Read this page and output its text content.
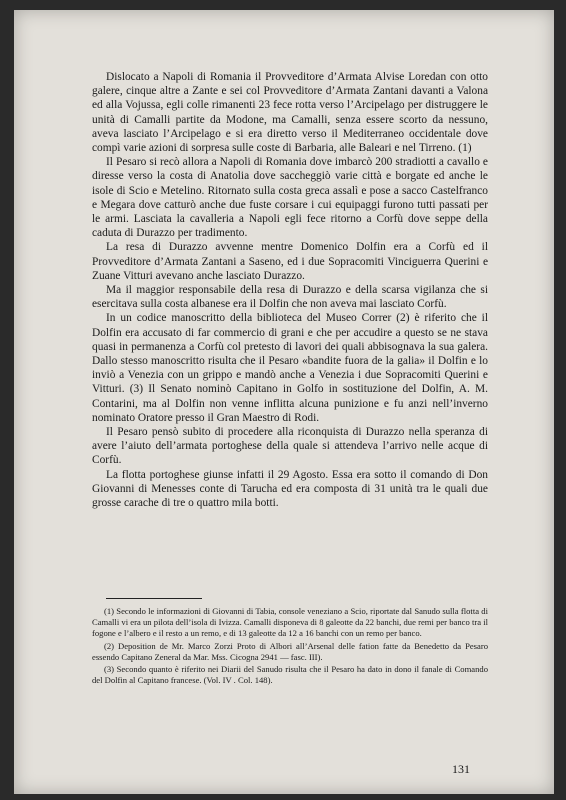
Dislocato a Napoli di Romania il Provveditore d’Armata Alvise Loredan con otto galere, cinque altre a Zante e sei col Provveditore d’Armata Zantani davanti a Valona ed alla Vojussa, egli colle rimanenti 23 fece rotta verso l’Arcipelago per distruggere le unità di Camalli partite da Modone, ma Camalli, senza essere scorto da nessuno, aveva lasciato l’Arcipelago e si era diretto verso il Mediterraneo occidentale dove compì varie azioni di sorpresa sulle coste di Barbaria, alle Baleari e nel Tirreno. (1)

Il Pesaro si recò allora a Napoli di Romania dove imbarcò 200 stradiotti a cavallo e diresse verso la costa di Anatolia dove saccheggiò varie città e borgate ed anche le isole di Scio e Metelino. Ritornato sulla costa greca assalì e pose a sacco Castelfranco e Megara dove catturò anche due fuste corsare i cui equipaggi furono tutti passati per le armi. Lasciata la cavalleria a Napoli egli fece ritorno a Corfù dove seppe della caduta di Durazzo per tradimento.

La resa di Durazzo avvenne mentre Domenico Dolfin era a Corfù ed il Provveditore d’Armata Zantani a Saseno, ed i due Sopracomiti Vinciguerra Querini e Zuane Vitturi avevano anche lasciato Durazzo.

Ma il maggior responsabile della resa di Durazzo e della scarsa vigilanza che si esercitava sulla costa albanese era il Dolfin che non aveva mai lasciato Corfù.

In un codice manoscritto della biblioteca del Museo Correr (2) è riferito che il Dolfin era accusato di far commercio di grani e che per accudire a questo se ne stava quasi in permanenza a Corfù col pretesto di lavori dei quali abbisognava la sua galera. Dallo stesso manoscritto risulta che il Pesaro «bandite fuora de la galia» il Dolfin e lo inviò a Venezia con un grippo e mandò anche a Venezia i due Sopracomiti Querini e Vitturi. (3) Il Senato nominò Capitano in Golfo in sostituzione del Dolfin, A. M. Contarini, ma al Dolfin non venne inflitta alcuna punizione e fu anzi nell’inverno nominato Oratore presso il Gran Maestro di Rodi.

Il Pesaro pensò subito di procedere alla riconquista di Durazzo nella speranza di avere l’aiuto dell’armata portoghese della quale si attendeva l’arrivo nelle acque di Corfù.

La flotta portoghese giunse infatti il 29 Agosto. Essa era sotto il comando di Don Giovanni di Menesses conte di Tarucha ed era composta di 31 unità tra le quali due grosse carache di tre o quattro mila botti.

(1) Secondo le informazioni di Giovanni di Tabia, console veneziano a Scio, riportate dal Sanudo sulla flotta di Camalli vi era un pilota dell’isola di Ivizza. Camalli disponeva di 8 galeotte da 22 banchi, due remi per banco tra il fogone e l’albero e il resto a un remo, e di 13 galeotte da 12 a 16 banchi con un remo per banco.

(2) Deposition de Mr. Marco Zorzi Proto di Albori all’Arsenal delle fation fatte da Benedetto da Pesaro essendo Capitano Zeneral da Mar. Mss. Cicogna 2941 — fasc. III).

(3) Secondo quanto è riferito nei Diarii del Sanudo risulta che il Pesaro ha dato in dono il fanale di Comando del Dolfin al Capitano francese. (Vol. IV . Col. 148).

131
